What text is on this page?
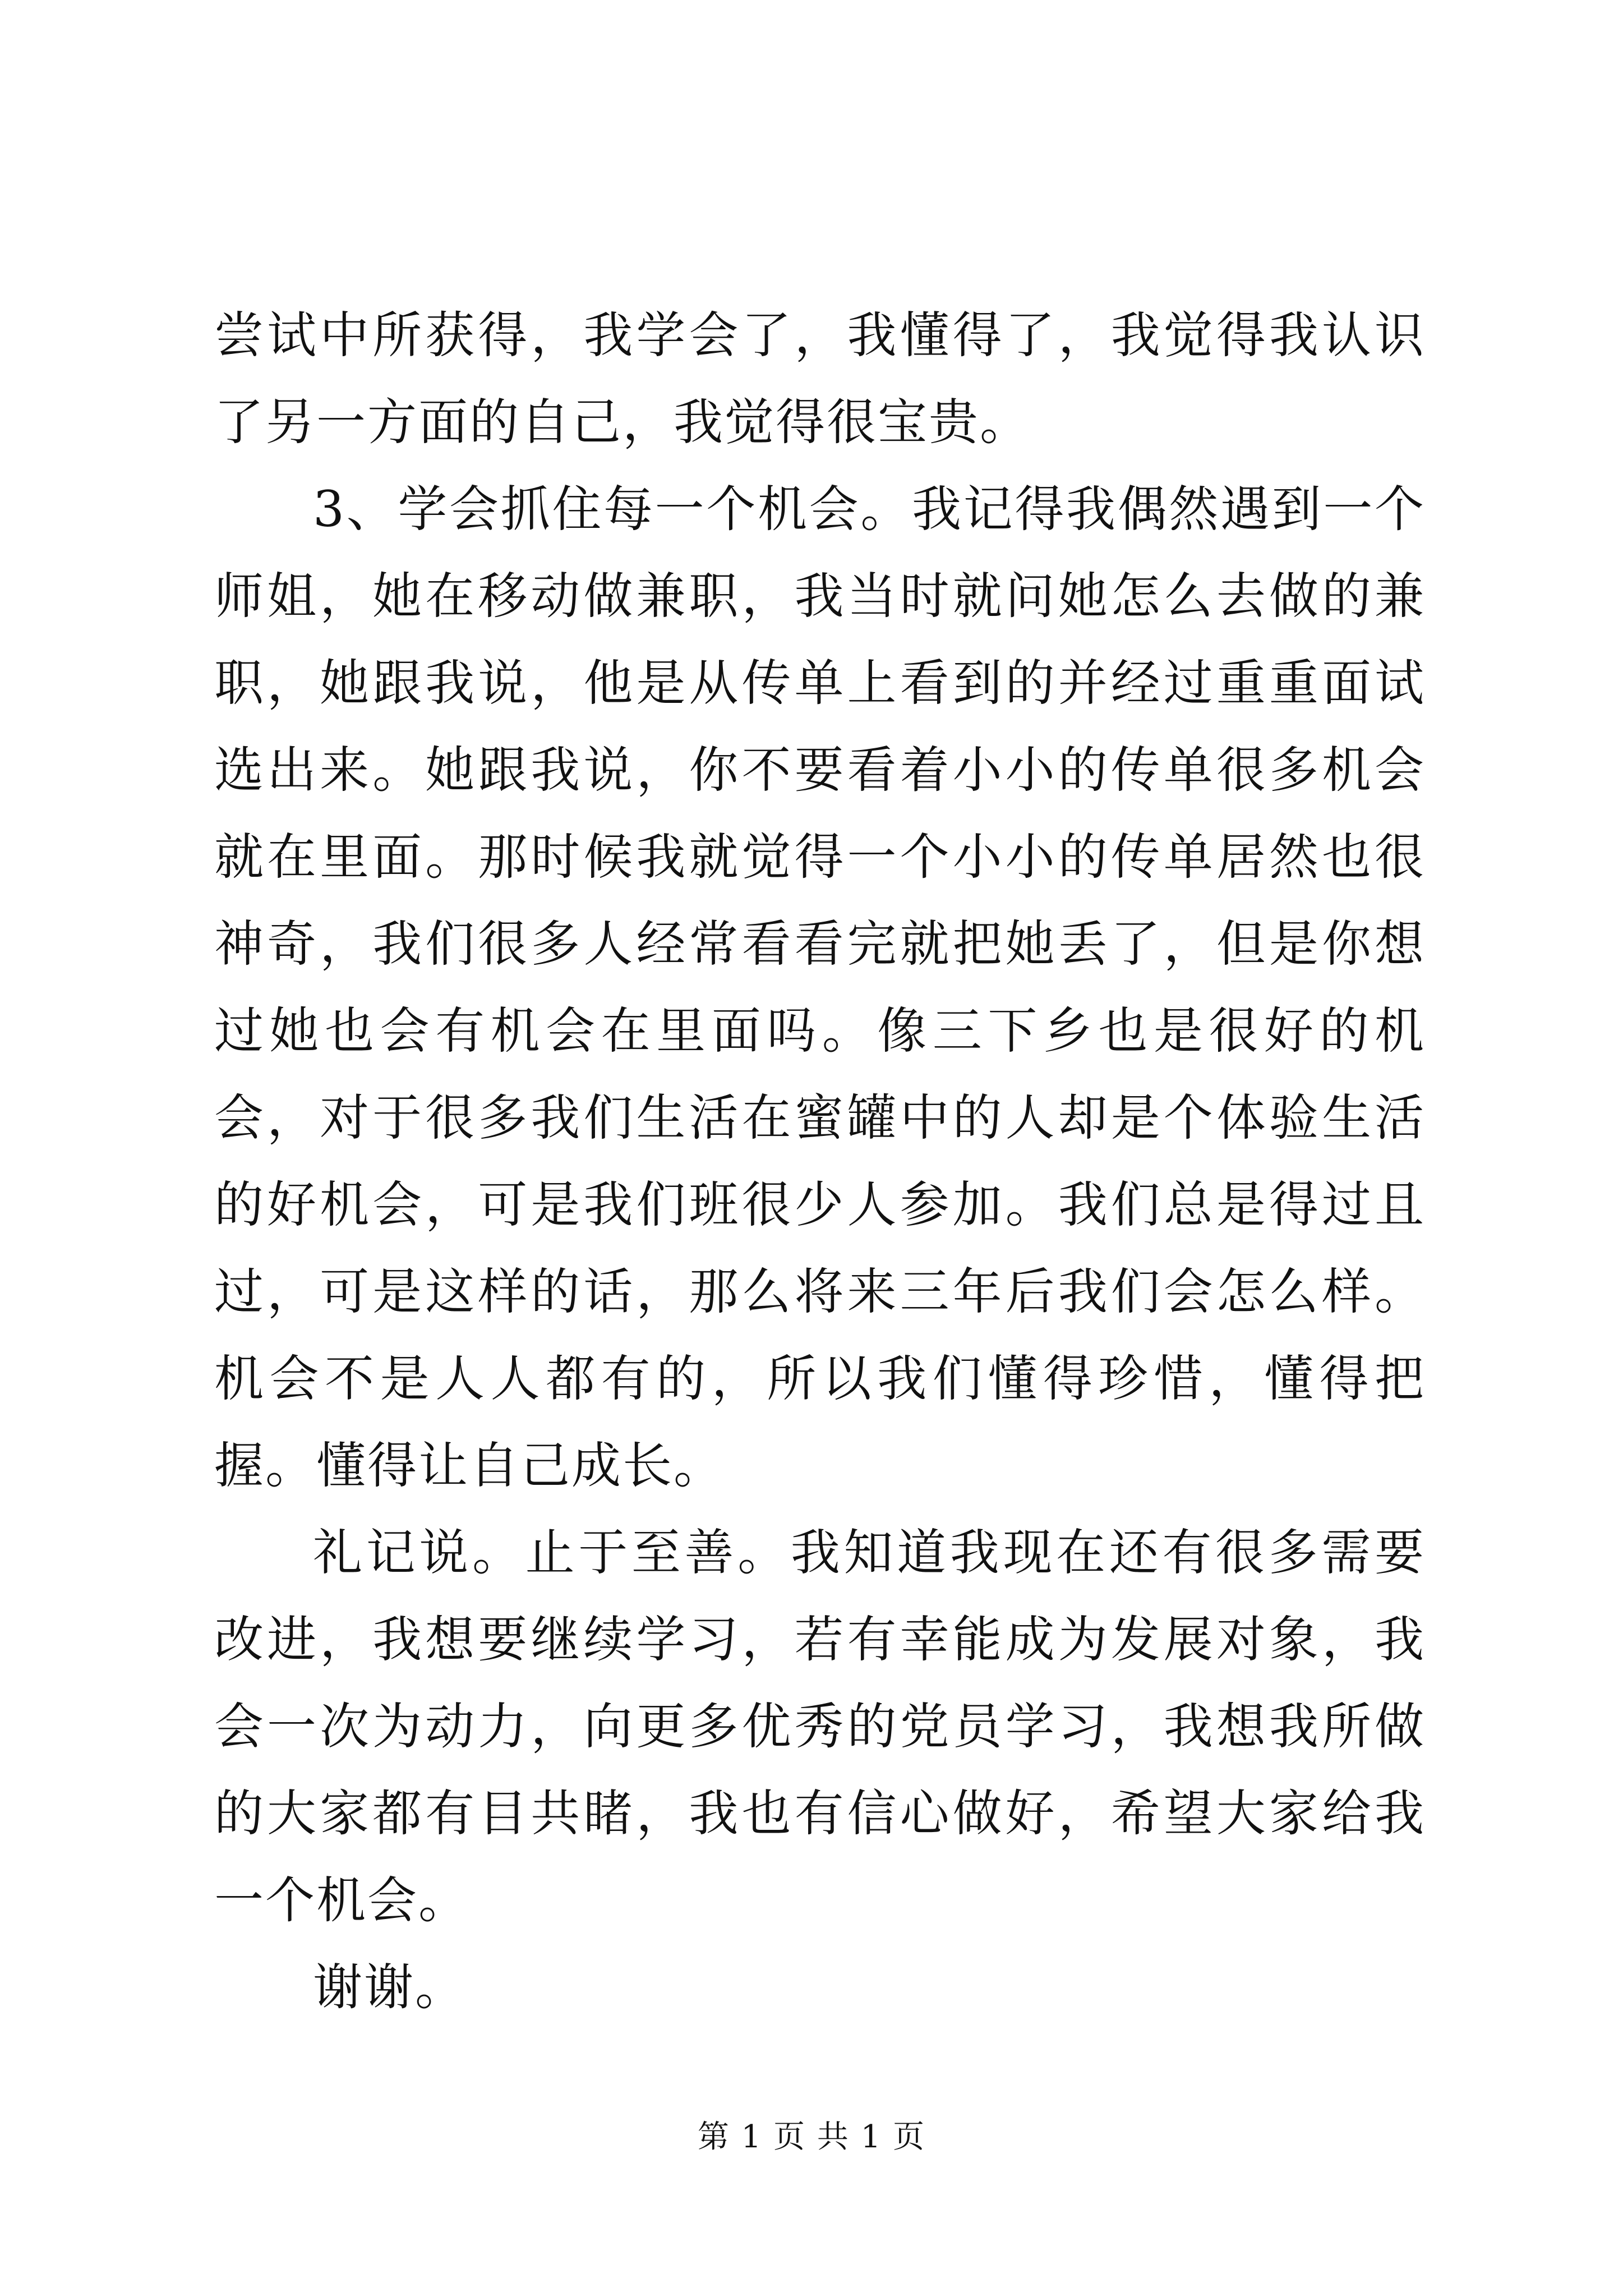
尝试中所获得，我学会了，我懂得了，我觉得我认识了另一方面的自己，我觉得很宝贵。

3、学会抓住每一个机会。我记得我偶然遇到一个师姐，她在移动做兼职，我当时就问她怎么去做的兼职，她跟我说，他是从传单上看到的并经过重重面试选出来。她跟我说，你不要看着小小的传单很多机会就在里面。那时候我就觉得一个小小的传单居然也很神奇，我们很多人经常看看完就把她丢了，但是你想过她也会有机会在里面吗。像三下乡也是很好的机会，对于很多我们生活在蜜罐中的人却是个体验生活的好机会，可是我们班很少人参加。我们总是得过且过，可是这样的话，那么将来三年后我们会怎么样。机会不是人人都有的，所以我们懂得珍惜，懂得把握。懂得让自己成长。

礼记说。止于至善。我知道我现在还有很多需要改进，我想要继续学习，若有幸能成为发展对象，我会一次为动力，向更多优秀的党员学习，我想我所做的大家都有目共睹，我也有信心做好，希望大家给我一个机会。

谢谢。

第 1 页 共 1 页
